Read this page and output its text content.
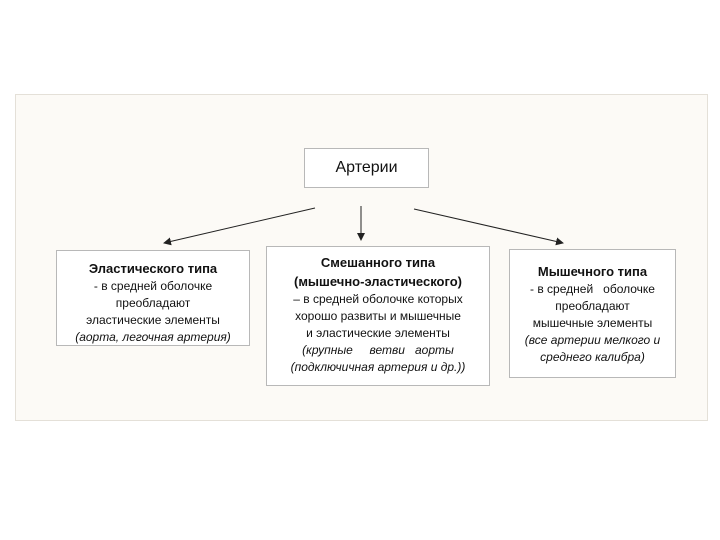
Артерии
Эластического типа
- в средней оболочке
преобладают
эластические элементы
(аорта, легочная артерия)
Смешанного типа
(мышечно-эластического)
– в средней оболочке которых
хорошо развиты и мышечные
и эластические элементы
(крупные     ветви   аорты
(подключичная артерия и др.))
Мышечного типа
- в средней   оболочке
преобладают
мышечные элементы
(все артерии мелкого и
среднего калибра)
